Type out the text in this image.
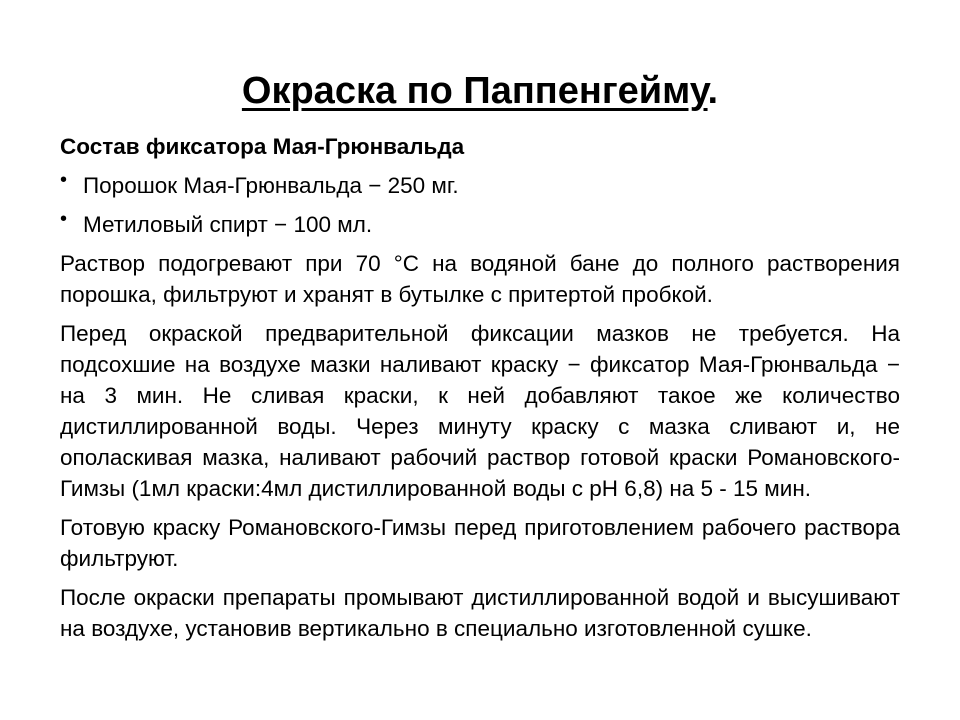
Окраска по Паппенгейму.

Состав фиксатора Мая-Грюнвальда

• Порошок Мая-Грюнвальда − 250 мг.
• Метиловый спирт − 100 мл.

Раствор подогревают при 70 °С на водяной бане до полного растворения порошка, фильтруют и хранят в бутылке с притертой пробкой.

Перед окраской предварительной фиксации мазков не требуется. На подсохшие на воздухе мазки наливают краску − фиксатор Мая-Грюнвальда − на 3 мин. Не сливая краски, к ней добавляют такое же количество дистиллированной воды. Через минуту краску с мазка сливают и, не ополаскивая мазка, наливают рабочий раствор готовой краски Романовского-Гимзы (1мл краски:4мл дистиллированной воды с рН 6,8) на 5 - 15 мин.

Готовую краску Романовского-Гимзы перед приготовлением рабочего раствора фильтруют.

После окраски препараты промывают дистиллированной водой и высушивают на воздухе, установив вертикально в специально изготовленной сушке.
